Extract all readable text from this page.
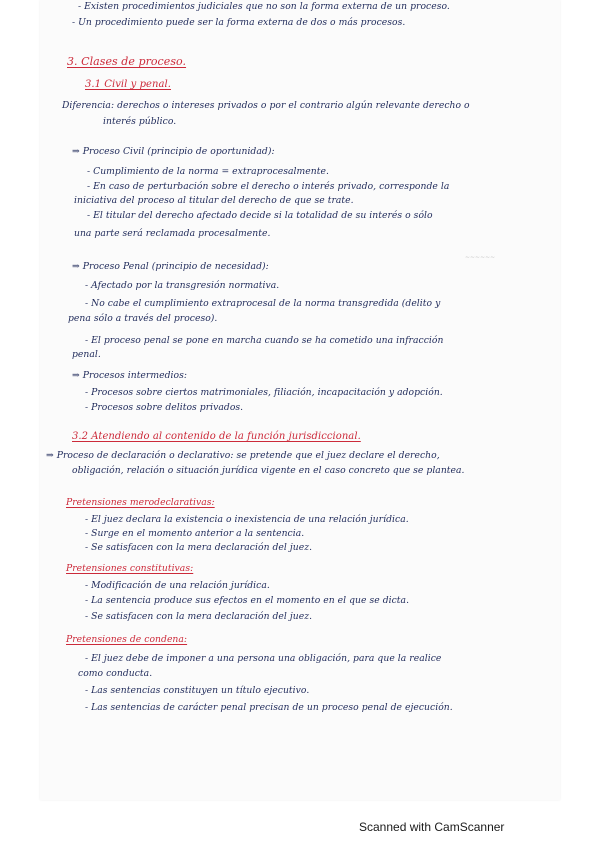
- Existen procedimientos judiciales que no son la forma externa de un proceso.
- Un procedimiento puede ser la forma externa de dos o más procesos.
3. Clases de proceso.
3.1 Civil y penal.
Diferencia: derechos o intereses privados o por el contrario algún relevante derecho o
interés público.
⇒ Proceso Civil (principio de oportunidad):
- Cumplimiento de la norma = extraprocesalmente.
- En caso de perturbación sobre el derecho o interés privado, corresponde la
iniciativa del proceso al titular del derecho de que se trate.
- El titular del derecho afectado decide si la totalidad de su interés o sólo
una parte será reclamada procesalmente.
~~~~~~
⇒ Proceso Penal (principio de necesidad):
- Afectado por la transgresión normativa.
- No cabe el cumplimiento extraprocesal de la norma transgredida (delito y
pena sólo a través del proceso).
- El proceso penal se pone en marcha cuando se ha cometido una infracción
penal.
⇒ Procesos intermedios:
- Procesos sobre ciertos matrimoniales, filiación, incapacitación y adopción.
- Procesos sobre delitos privados.
3.2 Atendiendo al contenido de la función jurisdiccional.
⇒ Proceso de declaración o declarativo: se pretende que el juez declare el derecho,
obligación, relación o situación jurídica vigente en el caso concreto que se plantea.
Pretensiones merodeclarativas:
- El juez declara la existencia o inexistencia de una relación jurídica.
- Surge en el momento anterior a la sentencia.
- Se satisfacen con la mera declaración del juez.
Pretensiones constitutivas:
- Modificación de una relación jurídica.
- La sentencia produce sus efectos en el momento en el que se dicta.
- Se satisfacen con la mera declaración del juez.
Pretensiones de condena:
- El juez debe de imponer a una persona una obligación, para que la realice
como conducta.
- Las sentencias constituyen un título ejecutivo.
- Las sentencias de carácter penal precisan de un proceso penal de ejecución.
Scanned with CamScanner
